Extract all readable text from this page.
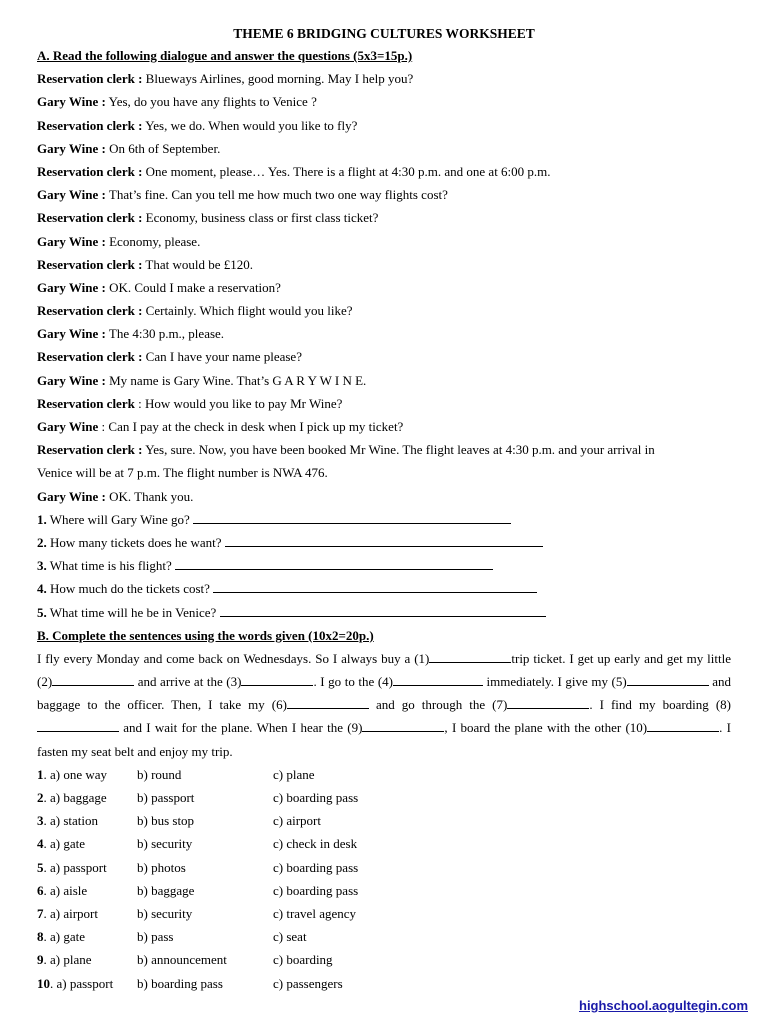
THEME 6 BRIDGING CULTURES WORKSHEET
A. Read the following dialogue and answer the questions (5x3=15p.)
Reservation clerk : Blueways Airlines, good morning. May I help you?
Gary Wine : Yes, do you have any flights to Venice ?
Reservation clerk : Yes, we do. When would you like to fly?
Gary Wine : On 6th of September.
Reservation clerk : One moment, please… Yes. There is a flight at 4:30 p.m. and one at 6:00 p.m.
Gary Wine : That’s fine. Can you tell me how much two one way flights cost?
Reservation clerk : Economy, business class or first class ticket?
Gary Wine : Economy, please.
Reservation clerk : That would be £120.
Gary Wine : OK. Could I make a reservation?
Reservation clerk : Certainly. Which flight would you like?
Gary Wine : The 4:30 p.m., please.
Reservation clerk : Can I have your name please?
Gary Wine : My name is Gary Wine. That’s G A R Y W I N E.
Reservation clerk : How would you like to pay Mr Wine?
Gary Wine : Can I pay at the check in desk when I pick up my ticket?
Reservation clerk : Yes, sure. Now, you have been booked Mr Wine. The flight leaves at 4:30 p.m. and your arrival in
Venice will be at 7 p.m. The flight number is NWA 476.
Gary Wine : OK. Thank you.
1. Where will Gary Wine go?
2. How many tickets does he want?
3. What time is his flight?
4. How much do the tickets cost?
5. What time will he be in Venice?
B. Complete the sentences using the words given (10x2=20p.)
I fly every Monday and come back on Wednesdays. So I always buy a (1)	trip ticket. I get up early and get my little (2)	and arrive at the (3)	. I go to the (4)	immediately. I give my (5)	and baggage to the officer. Then, I take my (6)	and go through the (7)	. I find my boarding (8) and I wait for the plane. When I hear the (9)	, I board the plane with the other (10)	. I fasten my seat belt and enjoy my trip.
1. a) one way b) round	c) plane
2. a) baggage b) passport	c) boarding pass
3. a) station	b) bus stop	c) airport
4. a) gate	b) security	c) check in desk
5. a) passport b) photos	c) boarding pass
6. a) aisle	b) baggage	c) boarding pass
7. a) airport	b) security	c) travel agency
8. a) gate	b) pass	c) seat
9. a) plane	b) announcement	c) boarding
10. a) passport b) boarding pass	c) passengers
highschool.aogultegin.com
